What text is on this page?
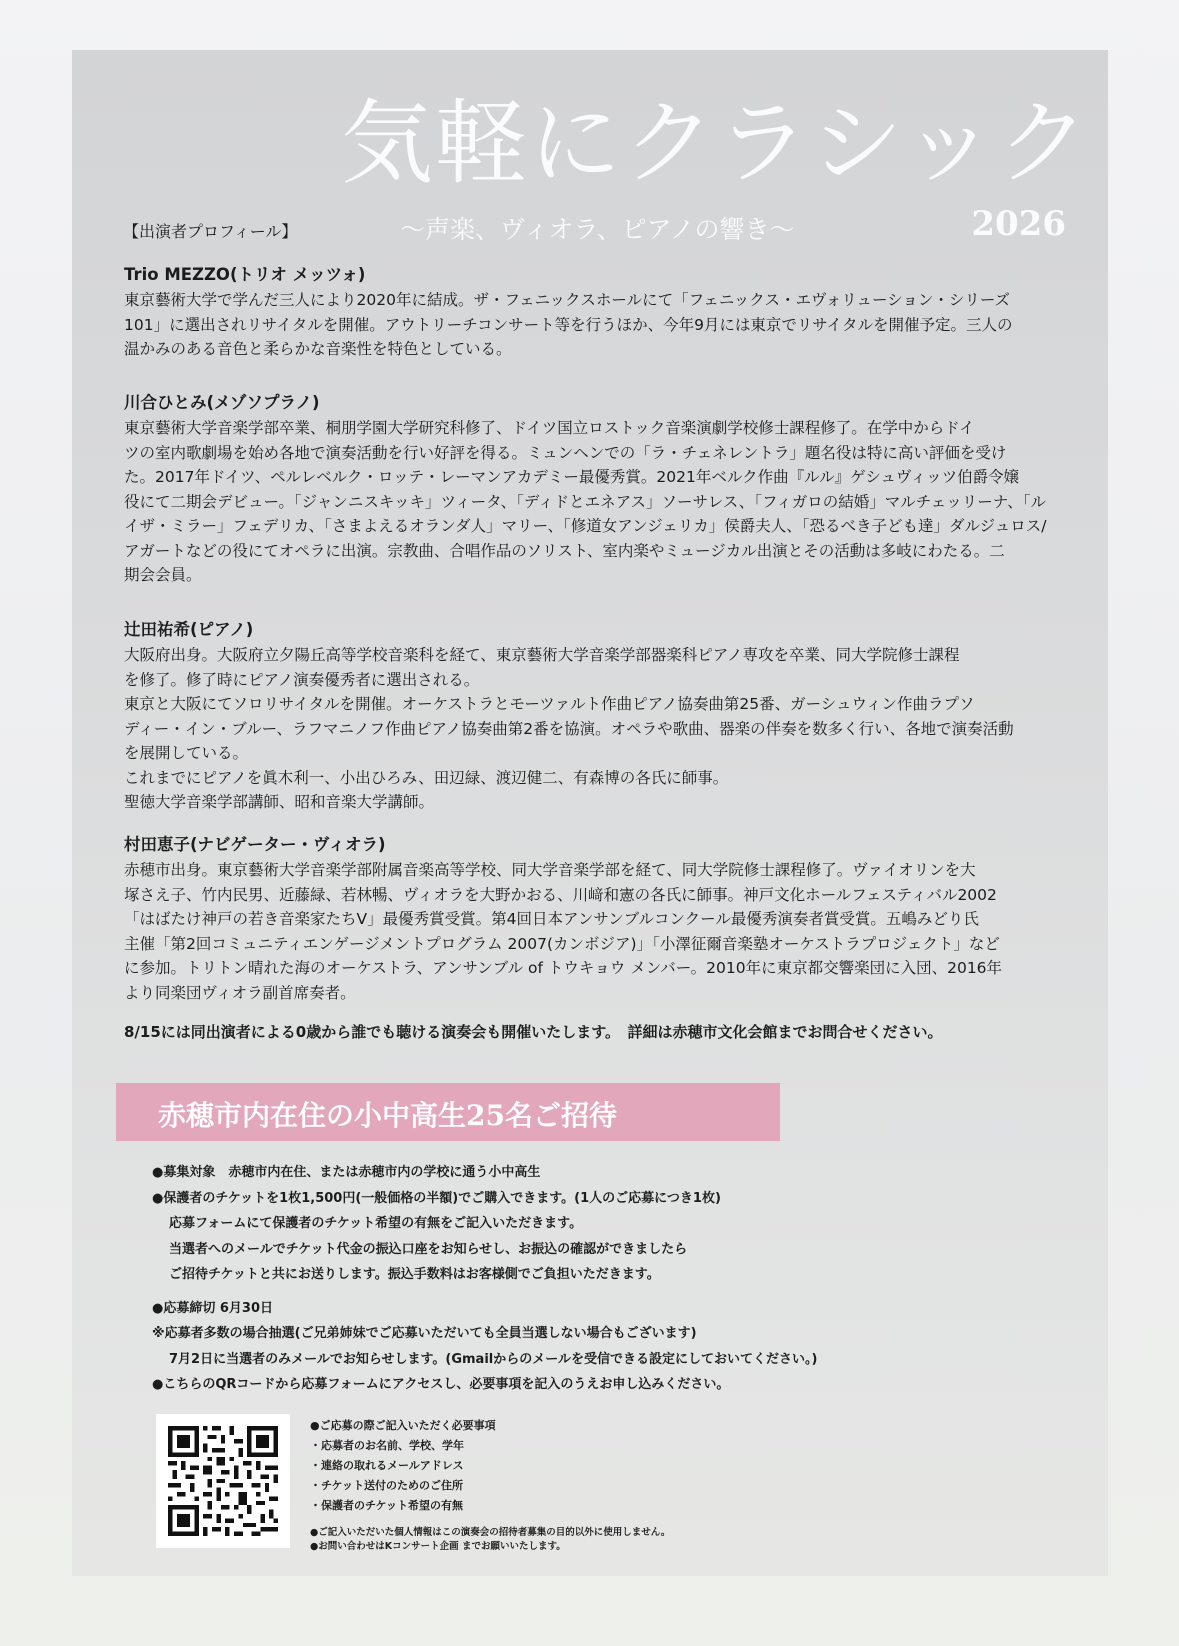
気軽にクラシック
〜声楽、ヴィオラ、ピアノの響き〜	2026
【出演者プロフィール】
Trio MEZZO(トリオ メッツォ)

東京藝術大学で学んだ三人により2020年に結成。ザ・フェニックスホールにて「フェニックス・エヴォリューション・シリーズ
101」に選出されリサイタルを開催。アウトリーチコンサート等を行うほか、今年9月には東京でリサイタルを開催予定。三人の
温かみのある音色と柔らかな音楽性を特色としている。

川合ひとみ(メゾソプラノ)

東京藝術大学音楽学部卒業、桐朋学園大学研究科修了、ドイツ国立ロストック音楽演劇学校修士課程修了。在学中からドイ
ツの室内歌劇場を始め各地で演奏活動を行い好評を得る。ミュンヘンでの「ラ・チェネレントラ」題名役は特に高い評価を受け
た。2017年ドイツ、ペルレベルク・ロッテ・レーマンアカデミー最優秀賞。2021年ベルク作曲『ルル』ゲシュヴィッツ伯爵令嬢
役にて二期会デビュー。「ジャンニスキッキ」ツィータ、「ディドとエネアス」ソーサレス、「フィガロの結婚」マルチェッリーナ、「ル
イザ・ミラー」フェデリカ、「さまよえるオランダ人」マリー、「修道女アンジェリカ」侯爵夫人、「恐るべき子ども達」ダルジュロス/
アガートなどの役にてオペラに出演。宗教曲、合唱作品のソリスト、室内楽やミュージカル出演とその活動は多岐にわたる。二
期会会員。

辻田祐希(ピアノ)

大阪府出身。大阪府立夕陽丘高等学校音楽科を経て、東京藝術大学音楽学部器楽科ピアノ専攻を卒業、同大学院修士課程
を修了。修了時にピアノ演奏優秀者に選出される。
東京と大阪にてソロリサイタルを開催。オーケストラとモーツァルト作曲ピアノ協奏曲第25番、ガーシュウィン作曲ラプソ
ディー・イン・ブルー、ラフマニノフ作曲ピアノ協奏曲第2番を協演。オペラや歌曲、器楽の伴奏を数多く行い、各地で演奏活動
を展開している。
これまでにピアノを眞木利一、小出ひろみ、田辺緑、渡辺健二、有森博の各氏に師事。
聖徳大学音楽学部講師、昭和音楽大学講師。

村田恵子(ナビゲーター・ヴィオラ)

赤穂市出身。東京藝術大学音楽学部附属音楽高等学校、同大学音楽学部を経て、同大学院修士課程修了。ヴァイオリンを大
塚さえ子、竹内民男、近藤緑、若林暢、ヴィオラを大野かおる、川﨑和憲の各氏に師事。神戸文化ホールフェスティバル2002
「はばたけ神戸の若き音楽家たちⅤ」最優秀賞受賞。第4回日本アンサンブルコンクール最優秀演奏者賞受賞。五嶋みどり氏
主催「第2回コミュニティエンゲージメントプログラム 2007(カンボジア)」「小澤征爾音楽塾オーケストラプロジェクト」など
に参加。トリトン晴れた海のオーケストラ、アンサンブル of トウキョウ メンバー。2010年に東京都交響楽団に入団、2016年
より同楽団ヴィオラ副首席奏者。

8/15には同出演者による0歳から誰でも聴ける演奏会も開催いたします。　詳細は赤穂市文化会館までお問合せください。
赤穂市内在住の小中高生25名ご招待
●募集対象　赤穂市内在住、または赤穂市内の学校に通う小中高生
●保護者のチケットを1枚1,500円(一般価格の半額)でご購入できます。(1人のご応募につき1枚)
応募フォームにて保護者のチケット希望の有無をご記入いただきます。
当選者へのメールでチケット代金の振込口座をお知らせし、お振込の確認ができましたら
ご招待チケットと共にお送りします。振込手数料はお客様側でご負担いただきます。
●応募締切 6月30日
※応募者多数の場合抽選(ご兄弟姉妹でご応募いただいても全員当選しない場合もございます)
7月2日に当選者のみメールでお知らせします。(Gmailからのメールを受信できる設定にしておいてください。)
●こちらのQRコードから応募フォームにアクセスし、必要事項を記入のうえお申し込みください。
●ご応募の際ご記入いただく必要事項
・応募者のお名前、学校、学年
・連絡の取れるメールアドレス
・チケット送付のためのご住所
・保護者のチケット希望の有無
●ご記入いただいた個人情報はこの演奏会の招待者募集の目的以外に使用しません。
●お問い合わせはKコンサート企画 までお願いいたします。
